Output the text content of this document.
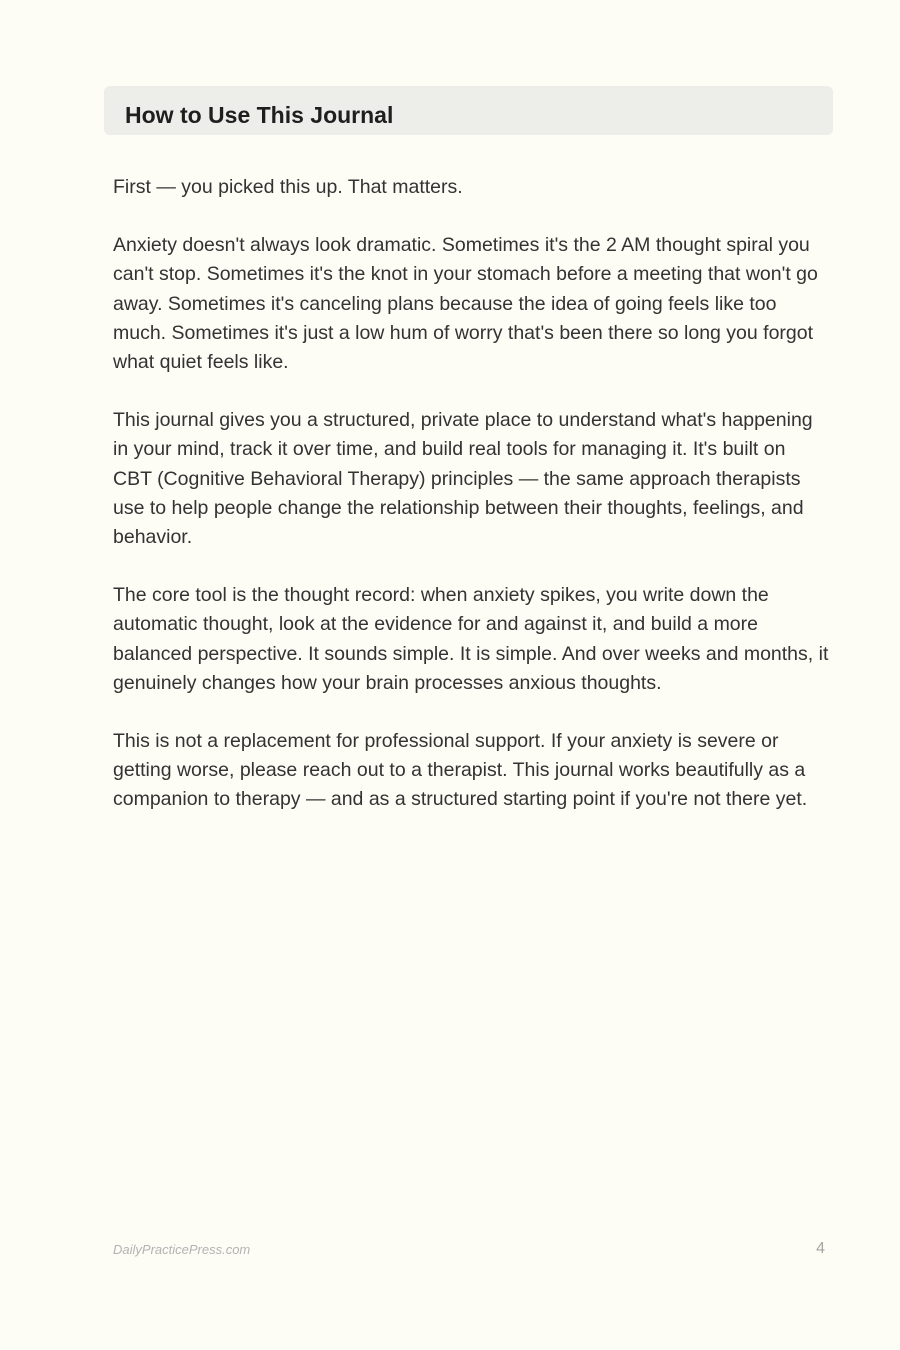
How to Use This Journal

First — you picked this up. That matters.

Anxiety doesn't always look dramatic. Sometimes it's the 2 AM thought spiral you can't stop. Sometimes it's the knot in your stomach before a meeting that won't go away. Sometimes it's canceling plans because the idea of going feels like too much. Sometimes it's just a low hum of worry that's been there so long you forgot what quiet feels like.

This journal gives you a structured, private place to understand what's happening in your mind, track it over time, and build real tools for managing it. It's built on CBT (Cognitive Behavioral Therapy) principles — the same approach therapists use to help people change the relationship between their thoughts, feelings, and behavior.

The core tool is the thought record: when anxiety spikes, you write down the automatic thought, look at the evidence for and against it, and build a more balanced perspective. It sounds simple. It is simple. And over weeks and months, it genuinely changes how your brain processes anxious thoughts.

This is not a replacement for professional support. If your anxiety is severe or getting worse, please reach out to a therapist. This journal works beautifully as a companion to therapy — and as a structured starting point if you're not there yet.

DailyPracticePress.com	4
